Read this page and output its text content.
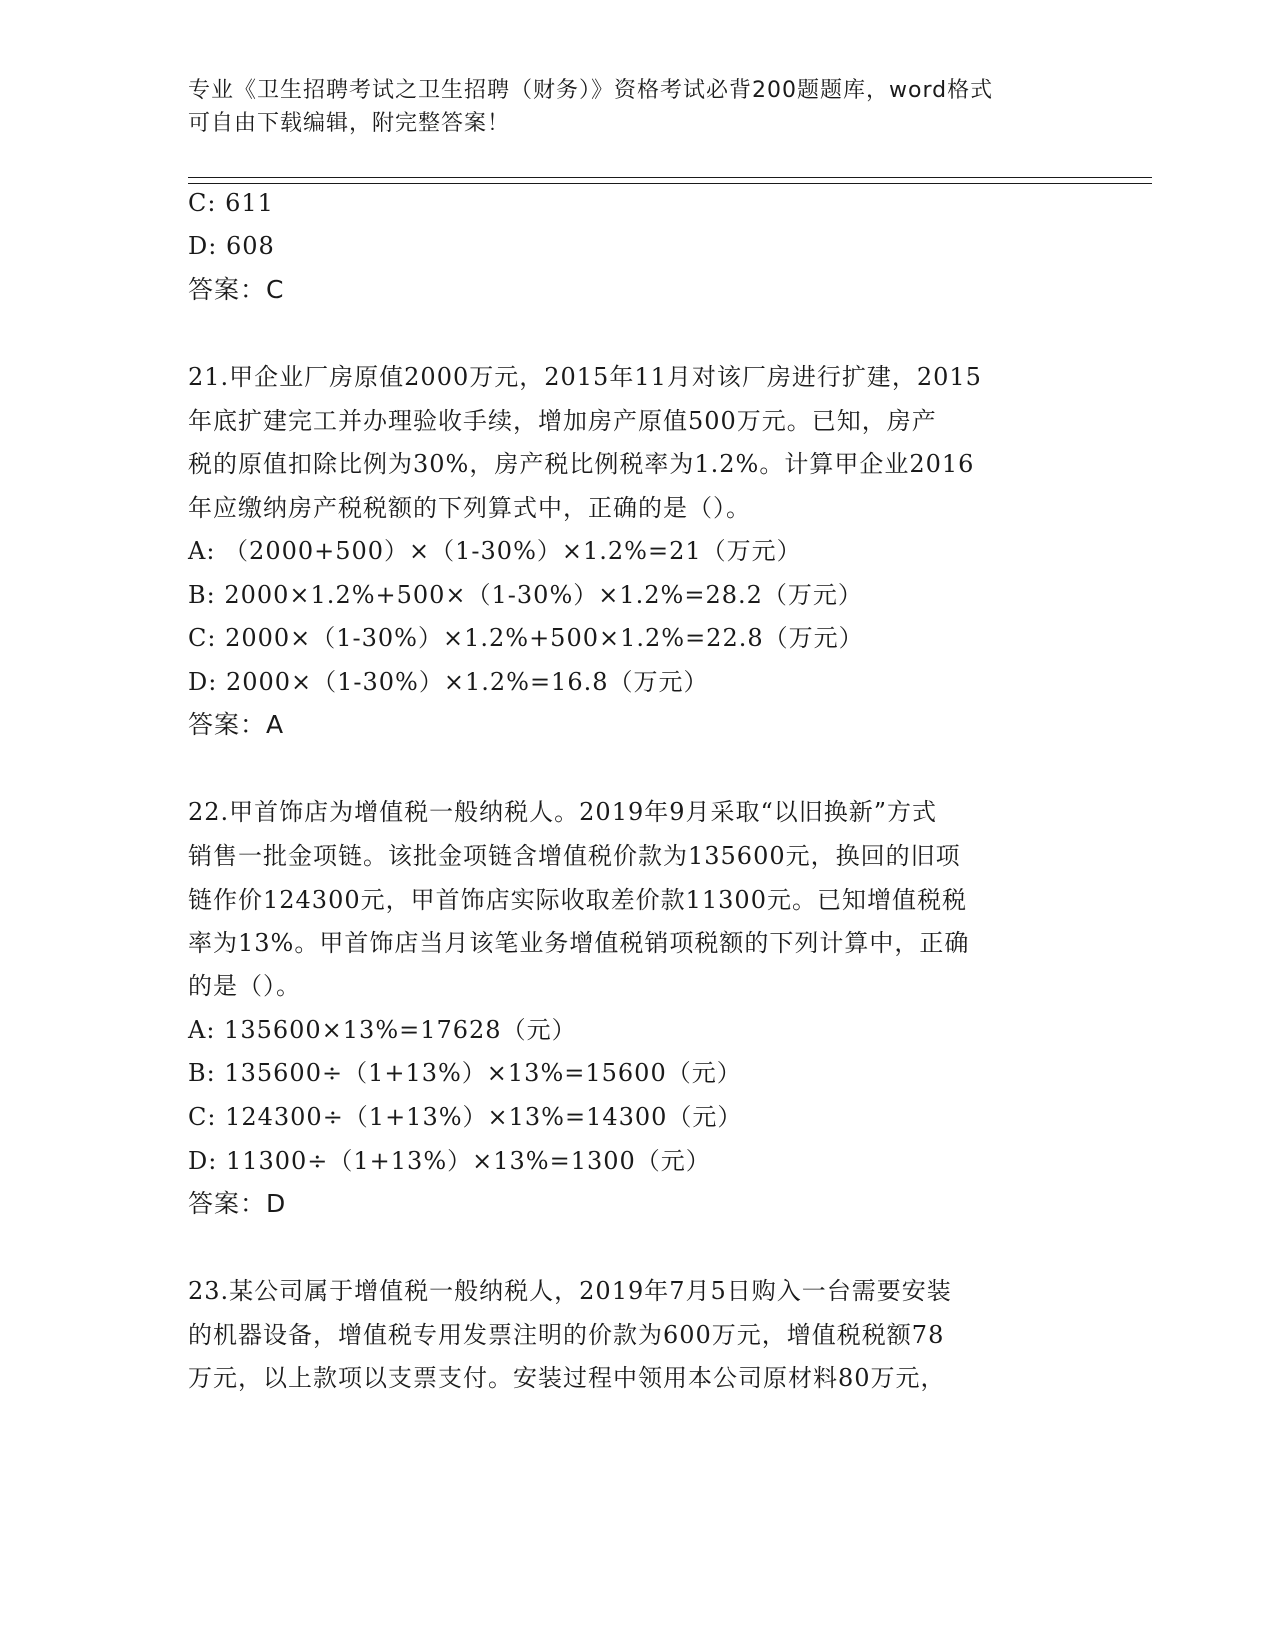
专业《卫生招聘考试之卫生招聘（财务）》资格考试必背200题题库，word格式
可自由下载编辑，附完整答案！
C: 611
D: 608
答案：C
21.甲企业厂房原值2000万元，2015年11月对该厂房进行扩建，2015
年底扩建完工并办理验收手续，增加房产原值500万元。已知，房产
税的原值扣除比例为30%，房产税比例税率为1.2%。计算甲企业2016
年应缴纳房产税税额的下列算式中，正确的是（）。
A: （2000+500）×（1-30%）×1.2%=21（万元）
B: 2000×1.2%+500×（1-30%）×1.2%=28.2（万元）
C: 2000×（1-30%）×1.2%+500×1.2%=22.8（万元）
D: 2000×（1-30%）×1.2%=16.8（万元）
答案：A
22.甲首饰店为增值税一般纳税人。2019年9月采取“以旧换新”方式
销售一批金项链。该批金项链含增值税价款为135600元，换回的旧项
链作价124300元，甲首饰店实际收取差价款11300元。已知增值税税
率为13%。甲首饰店当月该笔业务增值税销项税额的下列计算中，正确
的是（）。
A: 135600×13%=17628（元）
B: 135600÷（1+13%）×13%=15600（元）
C: 124300÷（1+13%）×13%=14300（元）
D: 11300÷（1+13%）×13%=1300（元）
答案：D
23.某公司属于增值税一般纳税人，2019年7月5日购入一台需要安装
的机器设备，增值税专用发票注明的价款为600万元，增值税税额78
万元，以上款项以支票支付。安装过程中领用本公司原材料80万元，
